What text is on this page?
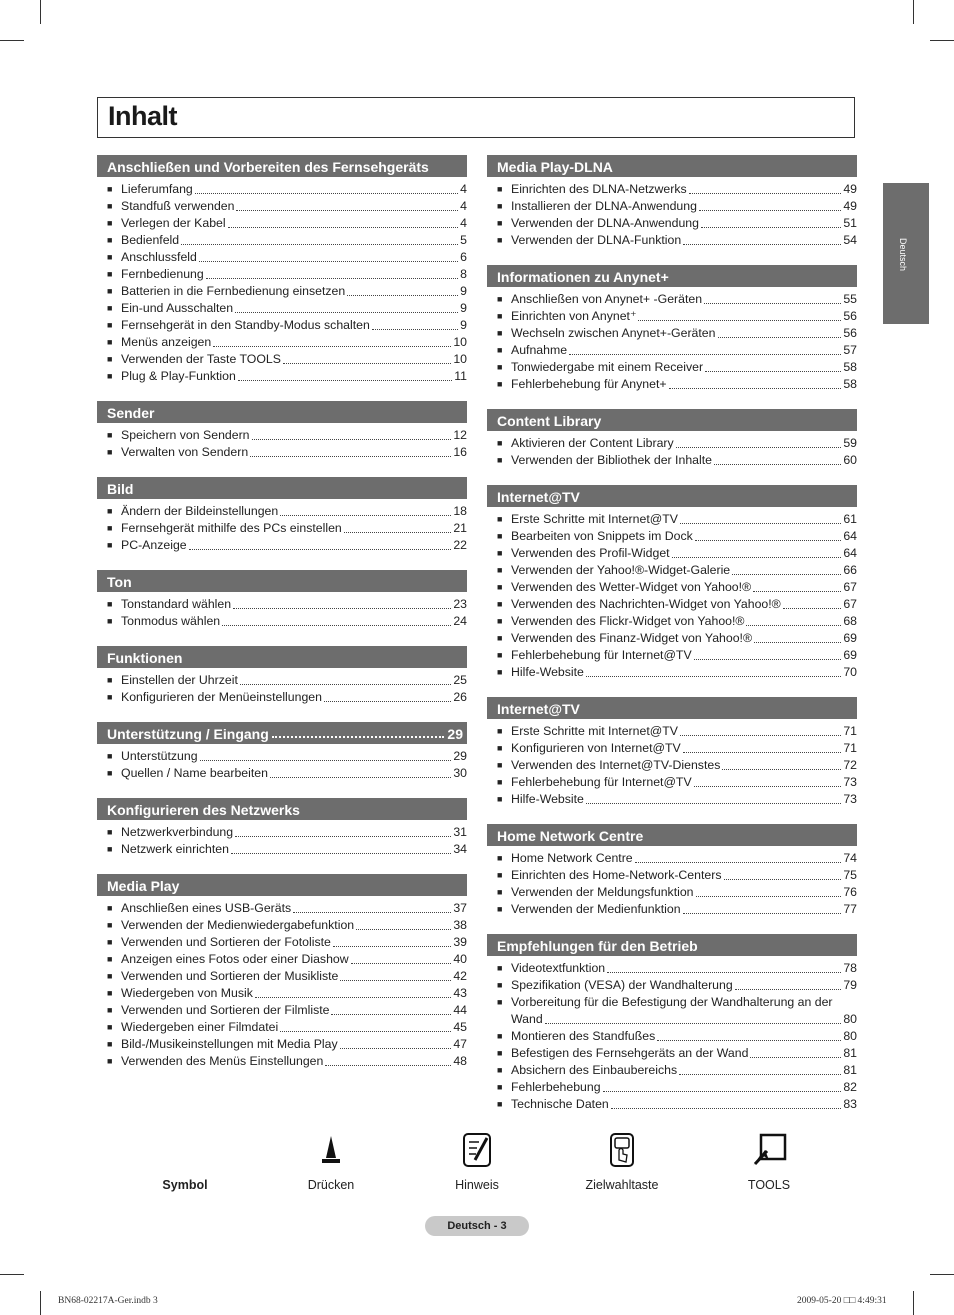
Inhalt
Deutsch
Anschließen und Vorbereiten des Fernsehgeräts
■ Lieferumfang	4
■ Standfuß verwenden	4
■ Verlegen der Kabel	4
■ Bedienfeld	5
■ Anschlussfeld	6
■ Fernbedienung	8
■ Batterien in die Fernbedienung einsetzen	9
■ Ein-und Ausschalten	9
■ Fernsehgerät in den Standby-Modus schalten	9
■ Menüs anzeigen	10
■ Verwenden der Taste TOOLS	10
■ Plug & Play-Funktion	11
Sender
■ Speichern von Sendern	12
■ Verwalten von Sendern	16
Bild
■ Ändern der Bildeinstellungen	18
■ Fernsehgerät mithilfe des PCs einstellen	21
■ PC-Anzeige	22
Ton
■ Tonstandard wählen	23
■ Tonmodus wählen	24
Funktionen
■ Einstellen der Uhrzeit	25
■ Konfigurieren der Menüeinstellungen	26
Unterstützung / Eingang	29
■ Unterstützung	29
■ Quellen / Name bearbeiten	30
Konfigurieren des Netzwerks
■ Netzwerkverbindung	31
■ Netzwerk einrichten	34
Media Play
■ Anschließen eines USB-Geräts	37
■ Verwenden der Medienwiedergabefunktion	38
■ Verwenden und Sortieren der Fotoliste	39
■ Anzeigen eines Fotos oder einer Diashow	40
■ Verwenden und Sortieren der Musikliste	42
■ Wiedergeben von Musik	43
■ Verwenden und Sortieren der Filmliste	44
■ Wiedergeben einer Filmdatei	45
■ Bild-/Musikeinstellungen mit Media Play	47
■ Verwenden des Menüs Einstellungen	48
Media Play-DLNA
■ Einrichten des DLNA-Netzwerks	49
■ Installieren der DLNA-Anwendung	49
■ Verwenden der DLNA-Anwendung	51
■ Verwenden der DLNA-Funktion	54
Informationen zu Anynet+
■ Anschließen von Anynet+ -Geräten	55
■ Einrichten von Anynet⁺	56
■ Wechseln zwischen Anynet+-Geräten	56
■ Aufnahme	57
■ Tonwiedergabe mit einem Receiver	58
■ Fehlerbehebung für Anynet+	58
Content Library
■ Aktivieren der Content Library	59
■ Verwenden der Bibliothek der Inhalte	60
Internet@TV
■ Erste Schritte mit Internet@TV	61
■ Bearbeiten von Snippets im Dock	64
■ Verwenden des Profil-Widget	64
■ Verwenden der Yahoo!®-Widget-Galerie	66
■ Verwenden des Wetter-Widget von Yahoo!®	67
■ Verwenden des Nachrichten-Widget von Yahoo!®	67
■ Verwenden des Flickr-Widget von Yahoo!®	68
■ Verwenden des Finanz-Widget von Yahoo!®	69
■ Fehlerbehebung für Internet@TV	69
■ Hilfe-Website	70
Internet@TV
■ Erste Schritte mit Internet@TV	71
■ Konfigurieren von Internet@TV	71
■ Verwenden des Internet@TV-Dienstes	72
■ Fehlerbehebung für Internet@TV	73
■ Hilfe-Website	73
Home Network Centre
■ Home Network Centre	74
■ Einrichten des Home-Network-Centers	75
■ Verwenden der Meldungsfunktion	76
■ Verwenden der Medienfunktion	77
Empfehlungen für den Betrieb
■ Videotextfunktion	78
■ Spezifikation (VESA) der Wandhalterung	79
■ Vorbereitung für die Befestigung der Wandhalterung an der
Wand	80
■ Montieren des Standfußes	80
■ Befestigen des Fernsehgeräts an der Wand	81
■ Absichern des Einbaubereichs	81
■ Fehlerbehebung	82
■ Technische Daten	83
Symbol	Drücken	Hinweis	Zielwahltaste	TOOLS
Deutsch - 3
BN68-02217A-Ger.indb 3	2009-05-20 □□ 4:49:31
